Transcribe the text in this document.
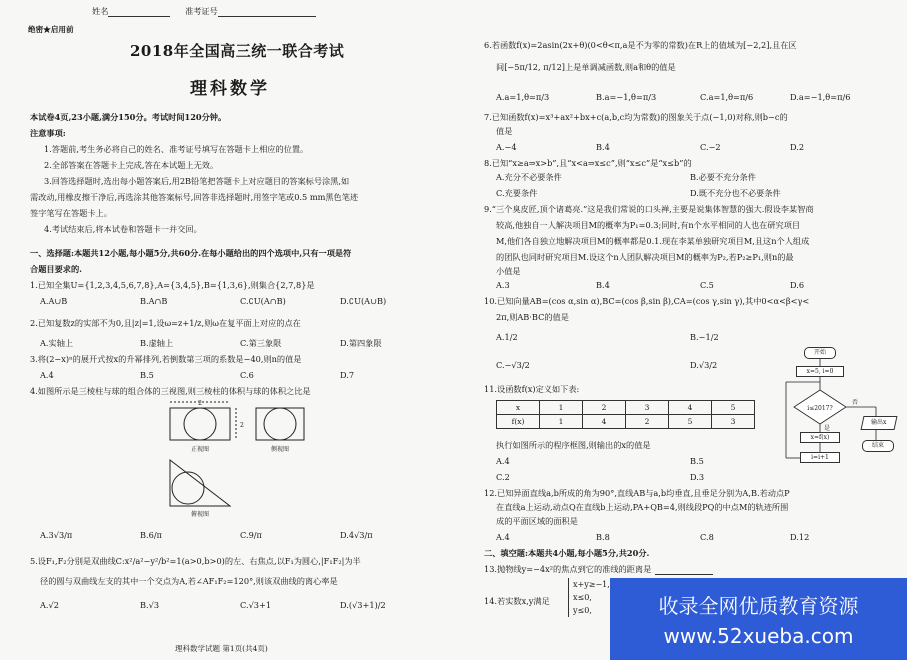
姓名	准考证号
绝密★启用前
2018年全国高三统一联合考试
理科数学
本试卷4页,23小题,满分150分。考试时间120分钟。
注意事项:
1.答题前,考生务必将自己的姓名、准考证号填写在答题卡上相应的位置。
2.全部答案在答题卡上完成,答在本试题上无效。
3.回答选择题时,选出每小题答案后,用2B铅笔把答题卡上对应题目的答案标号涂黑,如
需改动,用橡皮擦干净后,再选涂其他答案标号,回答非选择题时,用签字笔或0.5 mm黑色笔迹
签字笔写在答题卡上。
4.考试结束后,将本试卷和答题卡一并交回。
一、选择题:本题共12小题,每小题5分,共60分.在每小题给出的四个选项中,只有一项是符
合题目要求的.
1.已知全集U={1,2,3,4,5,6,7,8},A={3,4,5},B={1,3,6},则集合{2,7,8}是
A.A∪B	B.A∩B	C.∁U(A∩B)	D.∁U(A∪B)
2.已知复数z的实部不为0,且|z|=1,设ω=z+1/z,则ω在复平面上对应的点在
A.实轴上	B.虚轴上	C.第三象限	D.第四象限
3.将(2−x)ⁿ的展开式按x的升幂排列,若倒数第三项的系数是−40,则n的值是
A.4	B.5	C.6	D.7
4.如图所示是三棱柱与球的组合体的三视图,则三棱柱的体积与球的体积之比是
2
2
正视图	侧视图
俯视图
A.3√3/π	B.6/π	C.9/π	D.4√3/π
5.设F₁,F₂分别是双曲线C:x²/a²−y²/b²=1(a>0,b>0)的左、右焦点,以F₁为圆心,|F₁F₂|为半
径的圆与双曲线左支的其中一个交点为A,若∠AF₁F₂=120°,则该双曲线的离心率是
A.√2	B.√3	C.√3+1	D.(√3+1)/2
理科数学试题 第1页(共4页)
6.若函数f(x)=2asin(2x+θ)(0<θ<π,a是不为零的常数)在R上的值域为[−2,2],且在区
间[−5π/12, π/12]上是单调减函数,则a和θ的值是
A.a=1,θ=π/3	B.a=−1,θ=π/3	C.a=1,θ=π/6	D.a=−1,θ=π/6
7.已知函数f(x)=x³+ax²+bx+c(a,b,c均为常数)的图象关于点(−1,0)对称,则b−c的
值是
A.−4	B.4	C.−2	D.2
8.已知“x≥a⇒x>b”,且“x<a⇒x≤c”,则“x≤c”是“x≤b”的
A.充分不必要条件	B.必要不充分条件
C.充要条件	D.既不充分也不必要条件
9.“三个臭皮匠,顶个诸葛亮.”这是我们常说的口头禅,主要是说集体智慧的强大.假设李某智商
较高,他独自一人解决项目M的概率为P₁=0.3;同时,有n个水平相同的人也在研究项目
M,他们各自独立地解决项目M的概率都是0.1.现在李某单独研究项目M,且这n个人组成
的团队也同时研究项目M.设这个n人团队解决项目M的概率为P₂,若P₂≥P₁,则n的最
小值是
A.3	B.4	C.5	D.6
10.已知向量AB=(cos α,sin α),BC=(cos β,sin β),CA=(cos γ,sin γ),其中0<α<β<γ<
2π,则AB·BC的值是
A.1/2	B.−1/2
C.−√3/2	D.√3/2
11.设函数f(x)定义如下表:
x	1	2	3	4	5
f(x)	1	4	2	5	3
执行如图所示的程序框图,则输出的x的值是
A.4	B.5
C.2	D.3
i≤2017?
是
否
开始
x=5, i=0
x=f(x)
i=i+1
输出x
结束
12.已知异面直线a,b所成的角为90°,直线AB与a,b均垂直,且垂足分别为A,B.若动点P
在直线a上运动,动点Q在直线b上运动,PA+QB=4,则线段PQ的中点M的轨迹所围
成的平面区域的面积是
A.4	B.8	C.8	D.12
二、填空题:本题共4小题,每小题5分,共20分.
13.抛物线y=−4x²的焦点到它的准线的距离是
14.若实数x,y满足
x+y≥−1,
x≤0,
y≤0,	收录全网优质教育资源
www.52xueba.com
